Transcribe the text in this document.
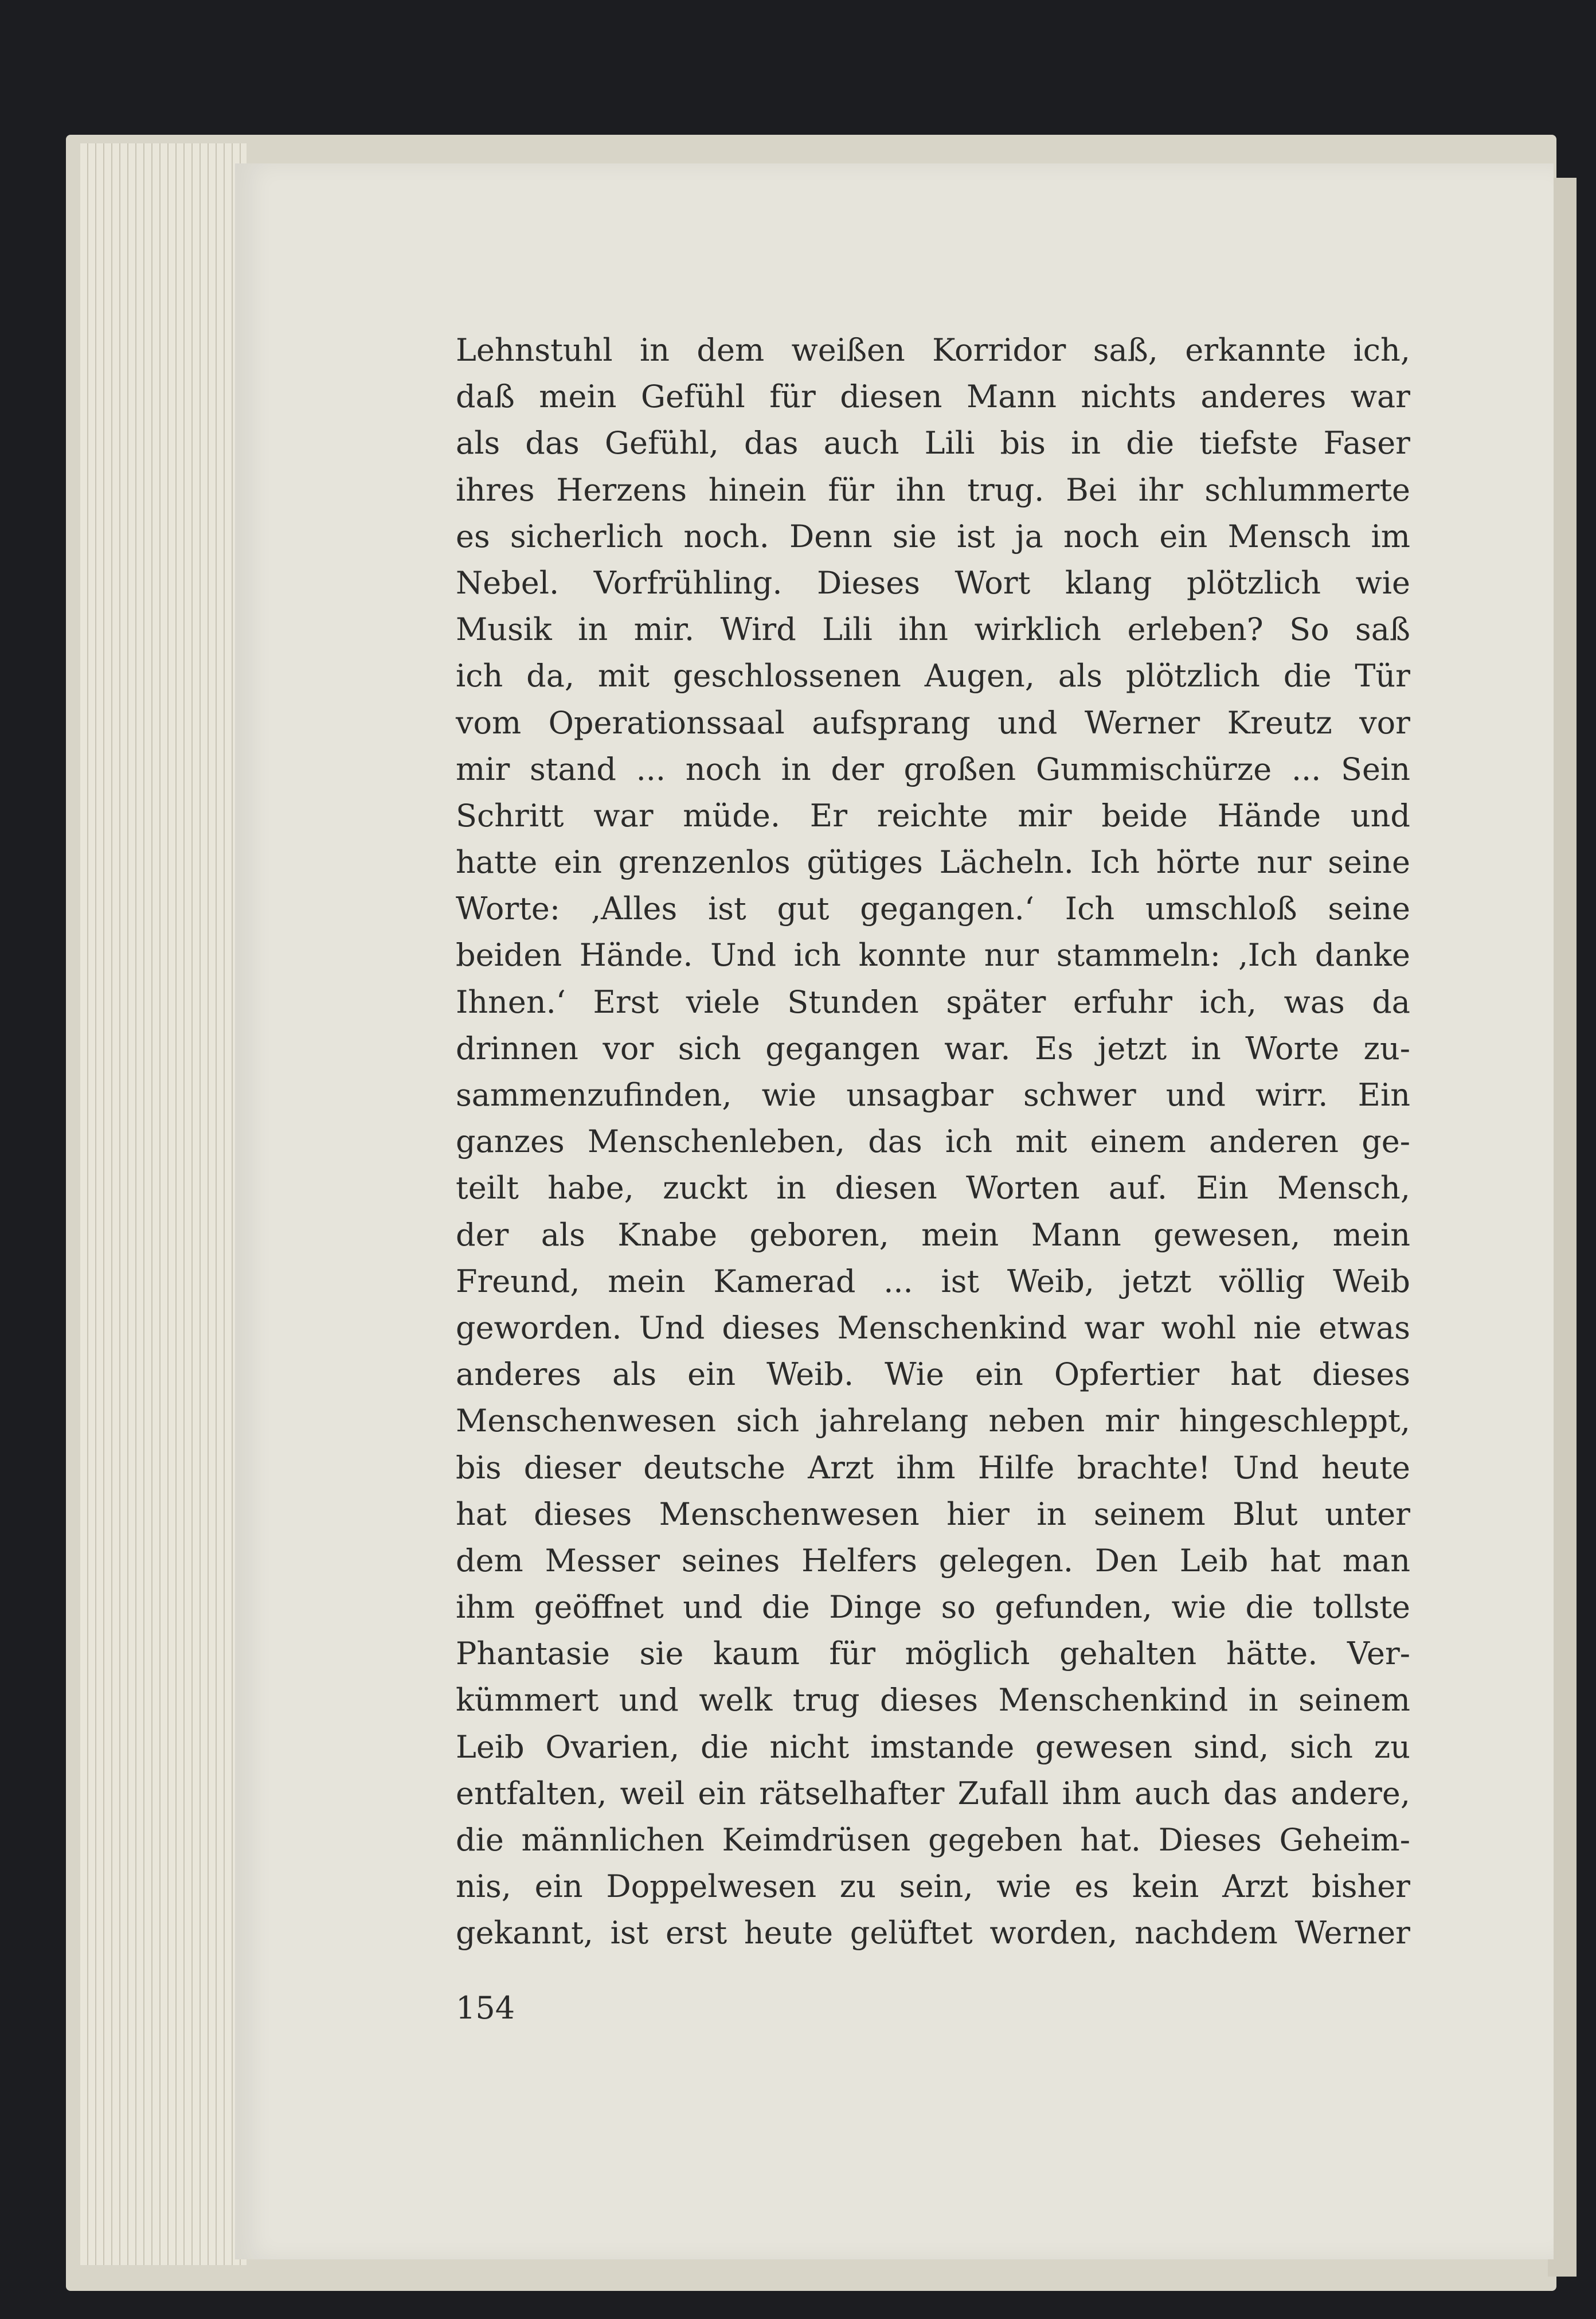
Lehnstuhl in dem weißen Korridor saß, erkannte ich,
daß mein Gefühl für diesen Mann nichts anderes war
als das Gefühl, das auch Lili bis in die tiefste Faser
ihres Herzens hinein für ihn trug. Bei ihr schlummerte
es sicherlich noch. Denn sie ist ja noch ein Mensch im
Nebel. Vorfrühling. Dieses Wort klang plötzlich wie
Musik in mir. Wird Lili ihn wirklich erleben? So saß
ich da, mit geschlossenen Augen, als plötzlich die Tür
vom Operationssaal aufsprang und Werner Kreutz vor
mir stand ... noch in der großen Gummischürze ... Sein
Schritt war müde. Er reichte mir beide Hände und
hatte ein grenzenlos gütiges Lächeln. Ich hörte nur seine
Worte: ‚Alles ist gut gegangen.‘ Ich umschloß seine
beiden Hände. Und ich konnte nur stammeln: ‚Ich danke
Ihnen.‘ Erst viele Stunden später erfuhr ich, was da
drinnen vor sich gegangen war. Es jetzt in Worte zu-
sammenzufinden, wie unsagbar schwer und wirr. Ein
ganzes Menschenleben, das ich mit einem anderen ge-
teilt habe, zuckt in diesen Worten auf. Ein Mensch,
der als Knabe geboren, mein Mann gewesen, mein
Freund, mein Kamerad ... ist Weib, jetzt völlig Weib
geworden. Und dieses Menschenkind war wohl nie etwas
anderes als ein Weib. Wie ein Opfertier hat dieses
Menschenwesen sich jahrelang neben mir hingeschleppt,
bis dieser deutsche Arzt ihm Hilfe brachte! Und heute
hat dieses Menschenwesen hier in seinem Blut unter
dem Messer seines Helfers gelegen. Den Leib hat man
ihm geöffnet und die Dinge so gefunden, wie die tollste
Phantasie sie kaum für möglich gehalten hätte. Ver-
kümmert und welk trug dieses Menschenkind in seinem
Leib Ovarien, die nicht imstande gewesen sind, sich zu
entfalten, weil ein rätselhafter Zufall ihm auch das andere,
die männlichen Keimdrüsen gegeben hat. Dieses Geheim-
nis, ein Doppelwesen zu sein, wie es kein Arzt bisher
gekannt, ist erst heute gelüftet worden, nachdem Werner
154
